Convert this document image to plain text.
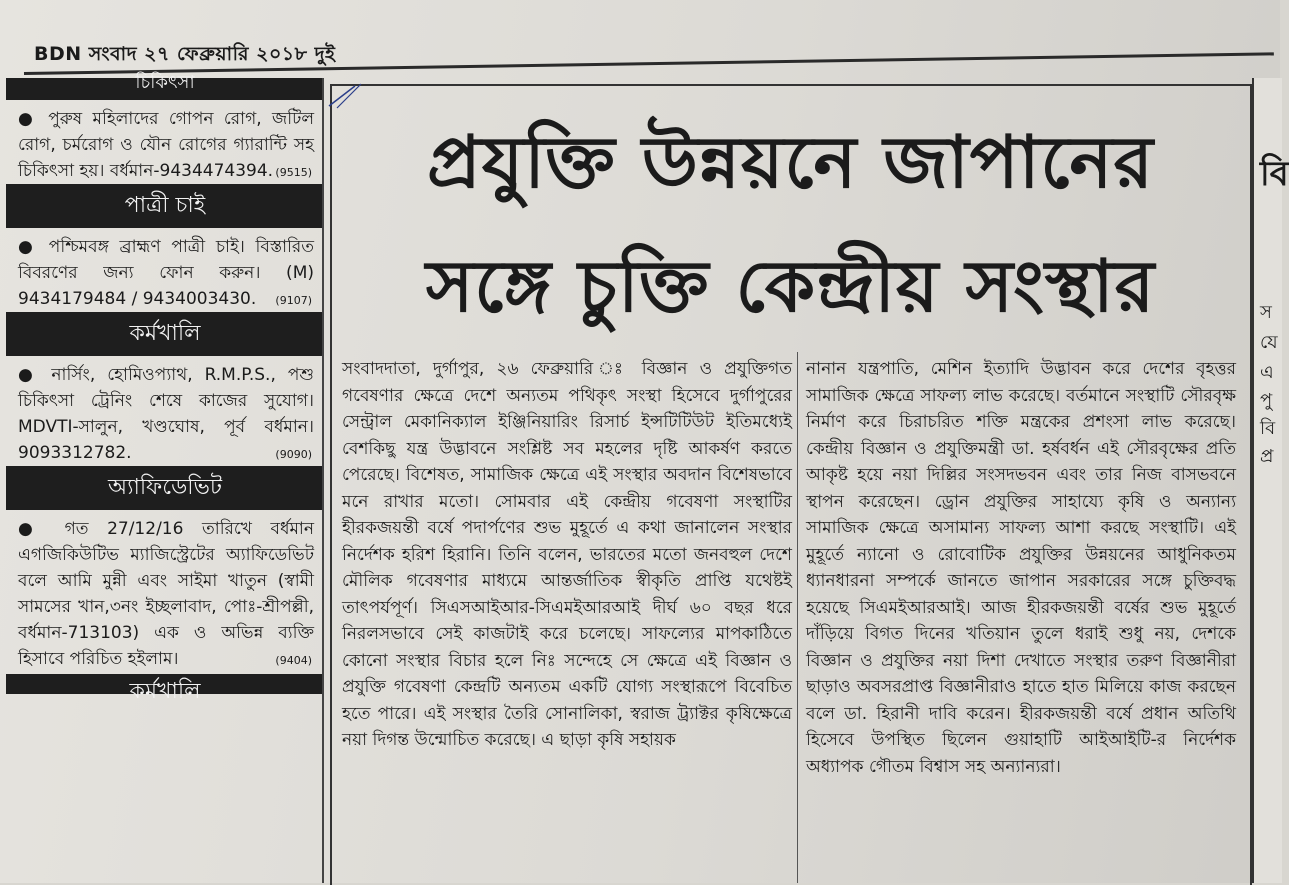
BDN সংবাদ ২৭ ফেব্রুয়ারি ২০১৮ দুই
চিকিৎসা
● পুরুষ মহিলাদের গোপন রোগ, জটিল রোগ, চর্মরোগ ও যৌন রোগের গ্যারান্টি সহ চিকিৎসা হয়। বর্ধমান-9434474394. (9515)
পাত্রী চাই
● পশ্চিমবঙ্গ ব্রাহ্মণ পাত্রী চাই। বিস্তারিত বিবরণের জন্য ফোন করুন। (M) 9434179484 / 9434003430.	(9107)
কর্মখালি
● নার্সিং, হোমিওপ্যাথ, R.M.P.S., পশু চিকিৎসা ট্রেনিং শেষে কাজের সুযোগ। MDVTI-সালুন, খণ্ডঘোষ, পূর্ব বর্ধমান। 9093312782.	(9090)
অ্যাফিডেভিট
● গত 27/12/16 তারিখে বর্ধমান এগজিকিউটিভ ম্যাজিস্ট্রেটের অ্যাফিডেভিট বলে আমি মুন্নী এবং সাইমা খাতুন (স্বামী সামসের খান,৩নং ইচ্ছলাবাদ, পোঃ-শ্রীপল্লী, বর্ধমান-713103) এক ও অভিন্ন ব্যক্তি হিসাবে পরিচিত হইলাম।	(9404)
কর্মখালি
প্রযুক্তি উন্নয়নে জাপানের
সঙ্গে চুক্তি কেন্দ্রীয় সংস্থার
সংবাদদাতা, দুর্গাপুর, ২৬ ফেব্রুয়ারি ঃ বিজ্ঞান ও প্রযুক্তিগত গবেষণার ক্ষেত্রে দেশে অন্যতম পথিকৃৎ সংস্থা হিসেবে দুর্গাপুরের সেন্ট্রাল মেকানিক্যাল ইঞ্জিনিয়ারিং রিসার্চ ইন্সটিটিউট ইতিমধ্যেই বেশকিছু যন্ত্র উদ্ভাবনে সংশ্লিষ্ট সব মহলের দৃষ্টি আকর্ষণ করতে পেরেছে। বিশেষত, সামাজিক ক্ষেত্রে এই সংস্থার অবদান বিশেষভাবে মনে রাখার মতো। সোমবার এই কেন্দ্রীয় গবেষণা সংস্থাটির হীরকজয়ন্তী বর্ষে পদার্পণের শুভ মুহূর্তে এ কথা জানালেন সংস্থার নির্দেশক হরিশ হিরানি। তিনি বলেন, ভারতের মতো জনবহুল দেশে মৌলিক গবেষণার মাধ্যমে আন্তর্জাতিক স্বীকৃতি প্রাপ্তি যথেষ্টই তাৎপর্যপূর্ণ। সিএসআইআর-সিএমইআরআই দীর্ঘ ৬০ বছর ধরে নিরলসভাবে সেই কাজটাই করে চলেছে। সাফল্যের মাপকাঠিতে কোনো সংস্থার বিচার হলে নিঃ সন্দেহে সে ক্ষেত্রে এই বিজ্ঞান ও প্রযুক্তি গবেষণা কেন্দ্রটি অন্যতম একটি যোগ্য সংস্থারূপে বিবেচিত হতে পারে। এই সংস্থার তৈরি সোনালিকা, স্বরাজ ট্র্যাক্টর কৃষিক্ষেত্রে নয়া দিগন্ত উন্মোচিত করেছে। এ ছাড়া কৃষি সহায়ক
নানান যন্ত্রপাতি, মেশিন ইত্যাদি উদ্ভাবন করে দেশের বৃহত্তর সামাজিক ক্ষেত্রে সাফল্য লাভ করেছে। বর্তমানে সংস্থাটি সৌরবৃক্ষ নির্মাণ করে চিরাচরিত শক্তি মন্ত্রকের প্রশংসা লাভ করেছে। কেন্দ্রীয় বিজ্ঞান ও প্রযুক্তিমন্ত্রী ডা. হর্ষবর্ধন এই সৌরবৃক্ষের প্রতি আকৃষ্ট হয়ে নয়া দিল্লির সংসদভবন এবং তার নিজ বাসভবনে স্থাপন করেছেন। ড্রোন প্রযুক্তির সাহায্যে কৃষি ও অন্যান্য সামাজিক ক্ষেত্রে অসামান্য সাফল্য আশা করছে সংস্থাটি। এই মুহূর্তে ন্যানো ও রোবোটিক প্রযুক্তির উন্নয়নের আধুনিকতম ধ্যানধারনা সম্পর্কে জানতে জাপান সরকারের সঙ্গে চুক্তিবদ্ধ হয়েছে সিএমইআরআই। আজ হীরকজয়ন্তী বর্ষের শুভ মুহূর্তে দাঁড়িয়ে বিগত দিনের খতিয়ান তুলে ধরাই শুধু নয়, দেশকে বিজ্ঞান ও প্রযুক্তির নয়া দিশা দেখাতে সংস্থার তরুণ বিজ্ঞানীরা ছাড়াও অবসরপ্রাপ্ত বিজ্ঞানীরাও হাতে হাত মিলিয়ে কাজ করছেন বলে ডা. হিরানী দাবি করেন। হীরকজয়ন্তী বর্ষে প্রধান অতিথি হিসেবে উপস্থিত ছিলেন গুয়াহাটি আইআইটি-র নির্দেশক অধ্যাপক গৌতম বিশ্বাস সহ অন্যান্যরা।
বি
স
যে
এ
পু
বি
প্র
